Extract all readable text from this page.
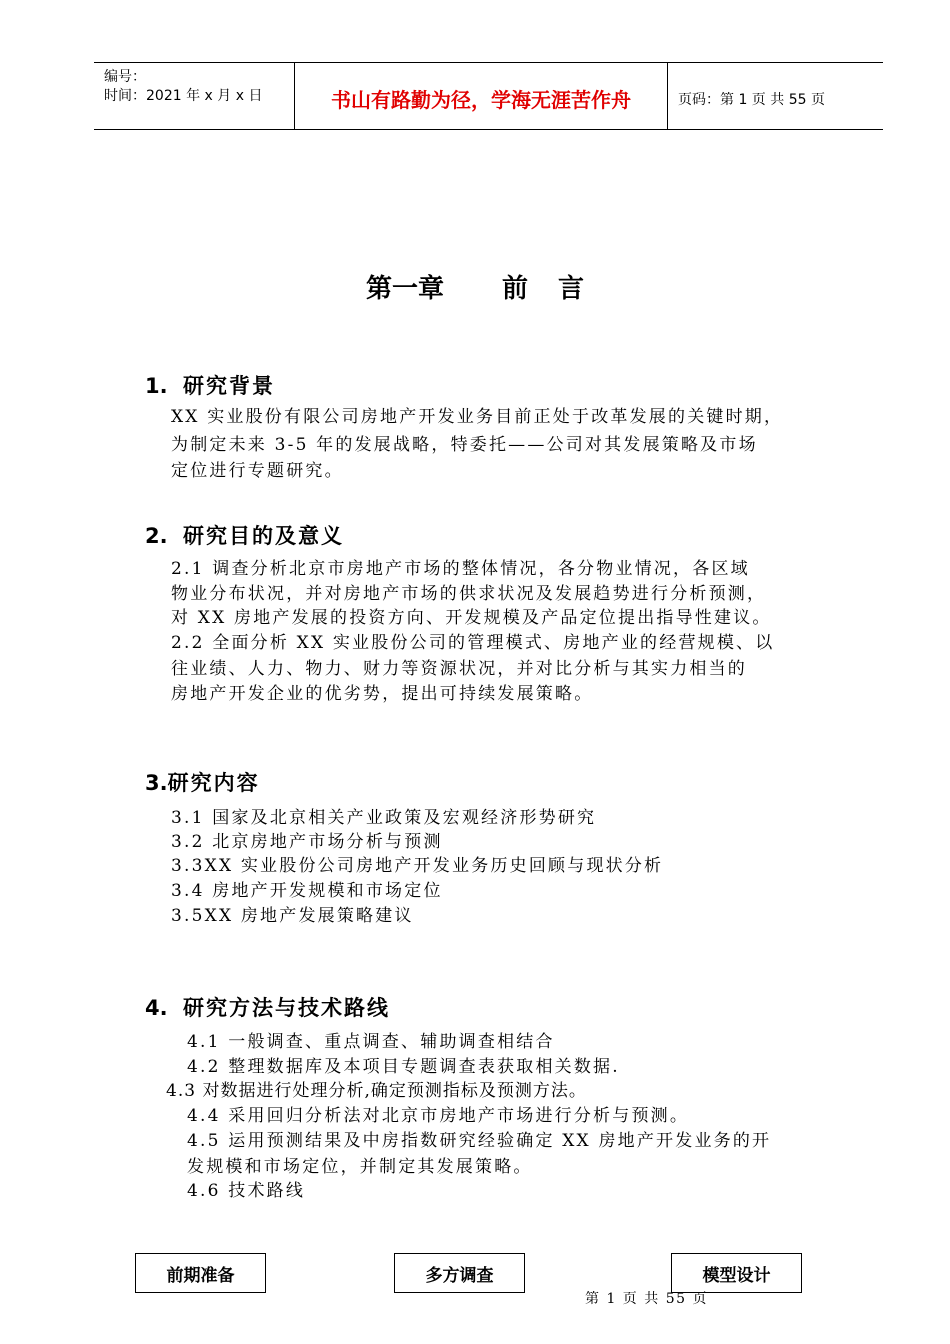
编号：
时间：2021 年 x 月 x 日	书山有路勤为径，学海无涯苦作舟	页码：第 1 页 共 55 页
第一章 前 言
1. 研究背景
XX 实业股份有限公司房地产开发业务目前正处于改革发展的关键时期，
为制定未来 3-5 年的发展战略，特委托——公司对其发展策略及市场
定位进行专题研究。
2. 研究目的及意义
2.1 调查分析北京市房地产市场的整体情况，各分物业情况，各区域
物业分布状况，并对房地产市场的供求状况及发展趋势进行分析预测，
对 XX 房地产发展的投资方向、开发规模及产品定位提出指导性建议。
2.2 全面分析 XX 实业股份公司的管理模式、房地产业的经营规模、以
往业绩、人力、物力、财力等资源状况，并对比分析与其实力相当的
房地产开发企业的优劣势，提出可持续发展策略。
3.研究内容
3.1 国家及北京相关产业政策及宏观经济形势研究
3.2 北京房地产市场分析与预测
3.3XX 实业股份公司房地产开发业务历史回顾与现状分析
3.4 房地产开发规模和市场定位
3.5XX 房地产发展策略建议
4. 研究方法与技术路线
4.1 一般调查、重点调查、辅助调查相结合
4.2 整理数据库及本项目专题调查表获取相关数据.
4.3 对数据进行处理分析,确定预测指标及预测方法。
4.4 采用回归分析法对北京市房地产市场进行分析与预测。
4.5 运用预测结果及中房指数研究经验确定 XX 房地产开发业务的开
发规模和市场定位，并制定其发展策略。
4.6 技术路线
前期准备	多方调查	模型设计
第 1 页 共 55 页
